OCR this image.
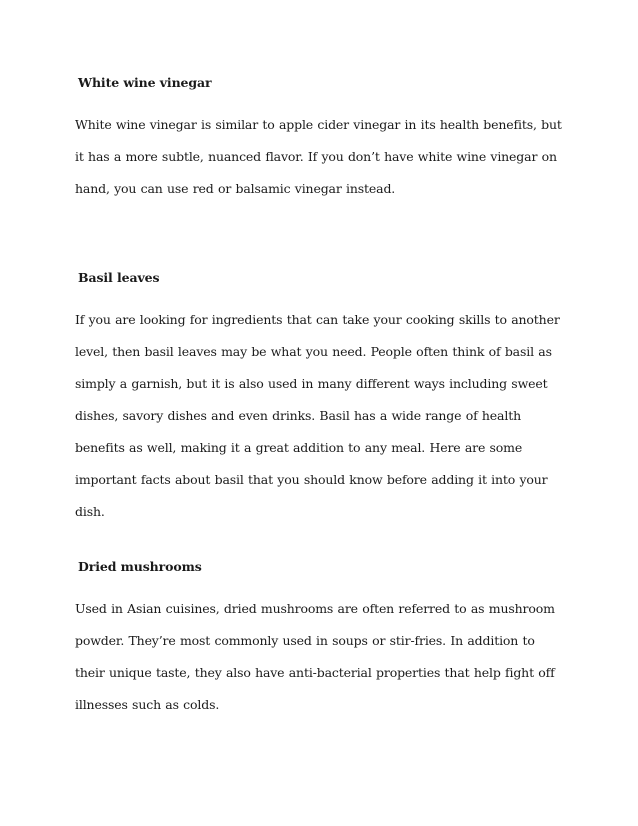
White wine vinegar

White wine vinegar is similar to apple cider vinegar in its health benefits, but it has a more subtle, nuanced flavor. If you don’t have white wine vinegar on hand, you can use red or balsamic vinegar instead.

Basil leaves

If you are looking for ingredients that can take your cooking skills to another level, then basil leaves may be what you need. People often think of basil as simply a garnish, but it is also used in many different ways including sweet dishes, savory dishes and even drinks. Basil has a wide range of health benefits as well, making it a great addition to any meal. Here are some important facts about basil that you should know before adding it into your dish.

Dried mushrooms

Used in Asian cuisines, dried mushrooms are often referred to as mushroom powder. They’re most commonly used in soups or stir-fries. In addition to their unique taste, they also have anti-bacterial properties that help fight off illnesses such as colds.
